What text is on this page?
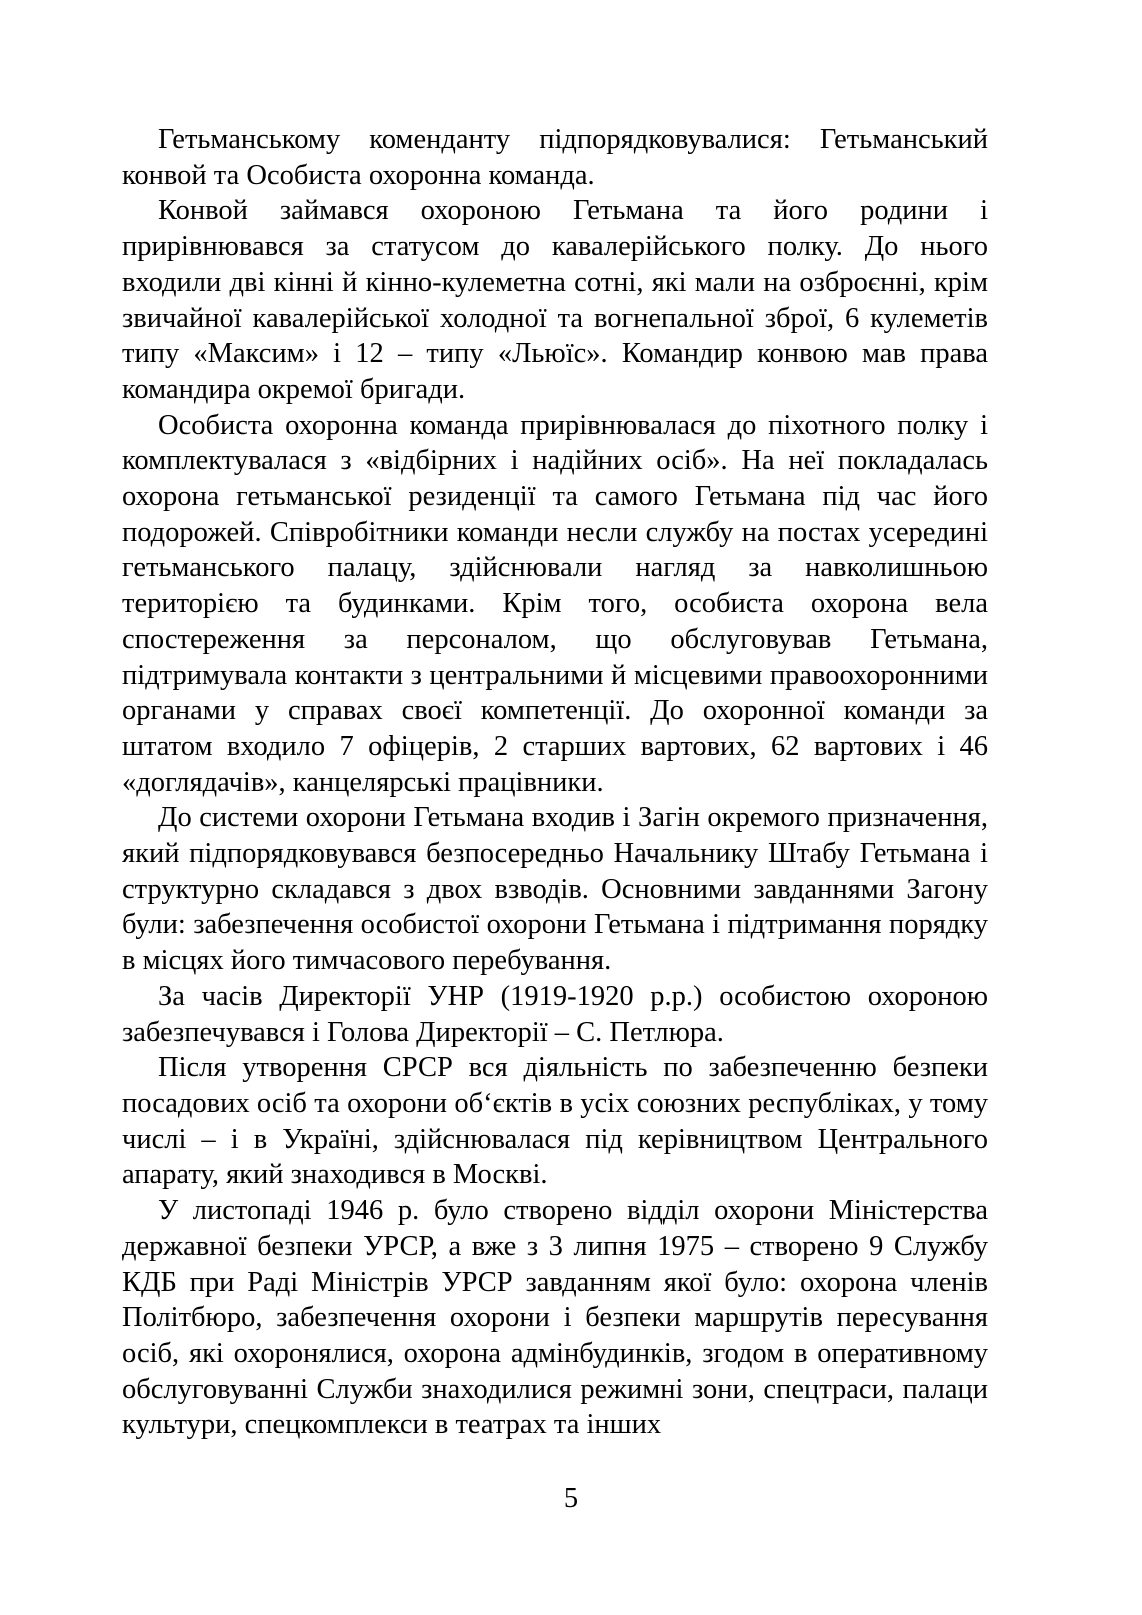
Гетьманському коменданту підпорядковувалися: Гетьманський конвой та Особиста охоронна команда.

Конвой займався охороною Гетьмана та його родини і прирівнювався за статусом до кавалерійського полку. До нього входили дві кінні й кінно-кулеметна сотні, які мали на озброєнні, крім звичайної кавалерійської холодної та вогнепальної зброї, 6 кулеметів типу «Максим» і 12 – типу «Льюїс». Командир конвою мав права командира окремої бригади.

Особиста охоронна команда прирівнювалася до піхотного полку і комплектувалася з «відбірних і надійних осіб». На неї покладалась охорона гетьманської резиденції та самого Гетьмана під час його подорожей. Співробітники команди несли службу на постах усередині гетьманського палацу, здійснювали нагляд за навколишньою територією та будинками. Крім того, особиста охорона вела спостереження за персоналом, що обслуговував Гетьмана, підтримувала контакти з центральними й місцевими правоохоронними органами у справах своєї компетенції. До охоронної команди за штатом входило 7 офіцерів, 2 старших вартових, 62 вартових і 46 «доглядачів», канцелярські працівники.

До системи охорони Гетьмана входив і Загін окремого призначення, який підпорядковувався безпосередньо Начальнику Штабу Гетьмана і структурно складався з двох взводів. Основними завданнями Загону були: забезпечення особистої охорони Гетьмана і підтримання порядку в місцях його тимчасового перебування.

За часів Директорії УНР (1919-1920 р.р.) особистою охороною забезпечувався і Голова Директорії – С. Петлюра.

Після утворення СРСР вся діяльність по забезпеченню безпеки посадових осіб та охорони об‘єктів в усіх союзних республіках, у тому числі – і в Україні, здійснювалася під керівництвом Центрального апарату, який знаходився в Москві.

У листопаді 1946 р. було створено відділ охорони Міністерства державної безпеки УРСР, а вже з 3 липня 1975 – створено 9 Службу КДБ при Раді Міністрів УРСР завданням якої було: охорона членів Політбюро, забезпечення охорони і безпеки маршрутів пересування осіб, які охоронялися, охорона адмінбудинків, згодом в оперативному обслуговуванні Служби знаходилися режимні зони, спецтраси, палаци культури, спецкомплекси в театрах та інших

5
